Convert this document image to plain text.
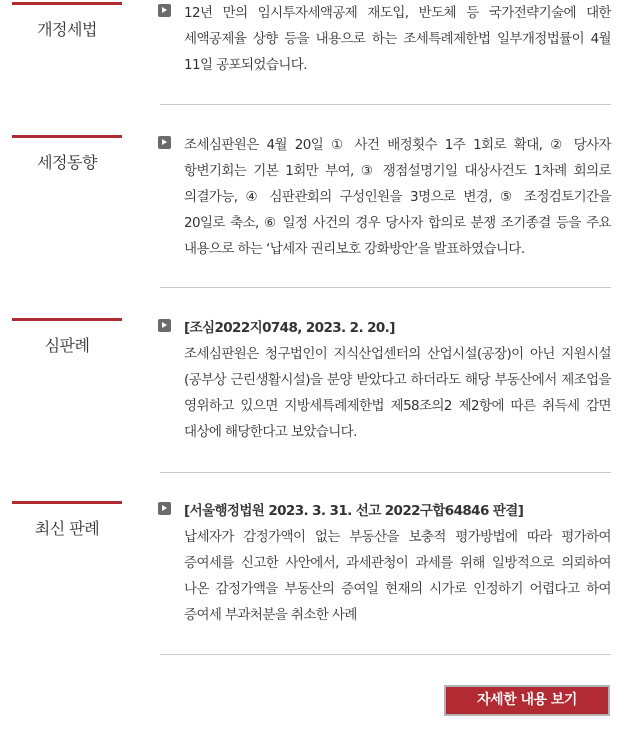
개정세법
12년 만의 임시투자세액공제 재도입, 반도체 등 국가전략기술에 대한 세액공제율 상향 등을 내용으로 하는 조세특례제한법 일부개정법률이 4월 11일 공포되었습니다.
세정동향
조세심판원은 4월 20일 ① 사건 배정횟수 1주 1회로 확대, ② 당사자 항변기회는 기본 1회만 부여, ③ 쟁점설명기일 대상사건도 1차례 회의로 의결가능, ④ 심판관회의 구성인원을 3명으로 변경, ⑤ 조정검토기간을 20일로 축소, ⑥ 일정 사건의 경우 당사자 합의로 분쟁 조기종결 등을 주요 내용으로 하는 ‘납세자 권리보호 강화방안’을 발표하였습니다.
심판례
[조심2022지0748, 2023. 2. 20.]
조세심판원은 청구법인이 지식산업센터의 산업시설(공장)이 아닌 지원시설(공부상 근린생활시설)을 분양 받았다고 하더라도 해당 부동산에서 제조업을 영위하고 있으면 지방세특례제한법 제58조의2 제2항에 따른 취득세 감면 대상에 해당한다고 보았습니다.
최신 판례
[서울행정법원 2023. 3. 31. 선고 2022구합64846 판결]
납세자가 감정가액이 없는 부동산을 보충적 평가방법에 따라 평가하여 증여세를 신고한 사안에서, 과세관청이 과세를 위해 일방적으로 의뢰하여 나온 감정가액을 부동산의 증여일 현재의 시가로 인정하기 어렵다고 하여 증여세 부과처분을 취소한 사례
자세한 내용 보기
